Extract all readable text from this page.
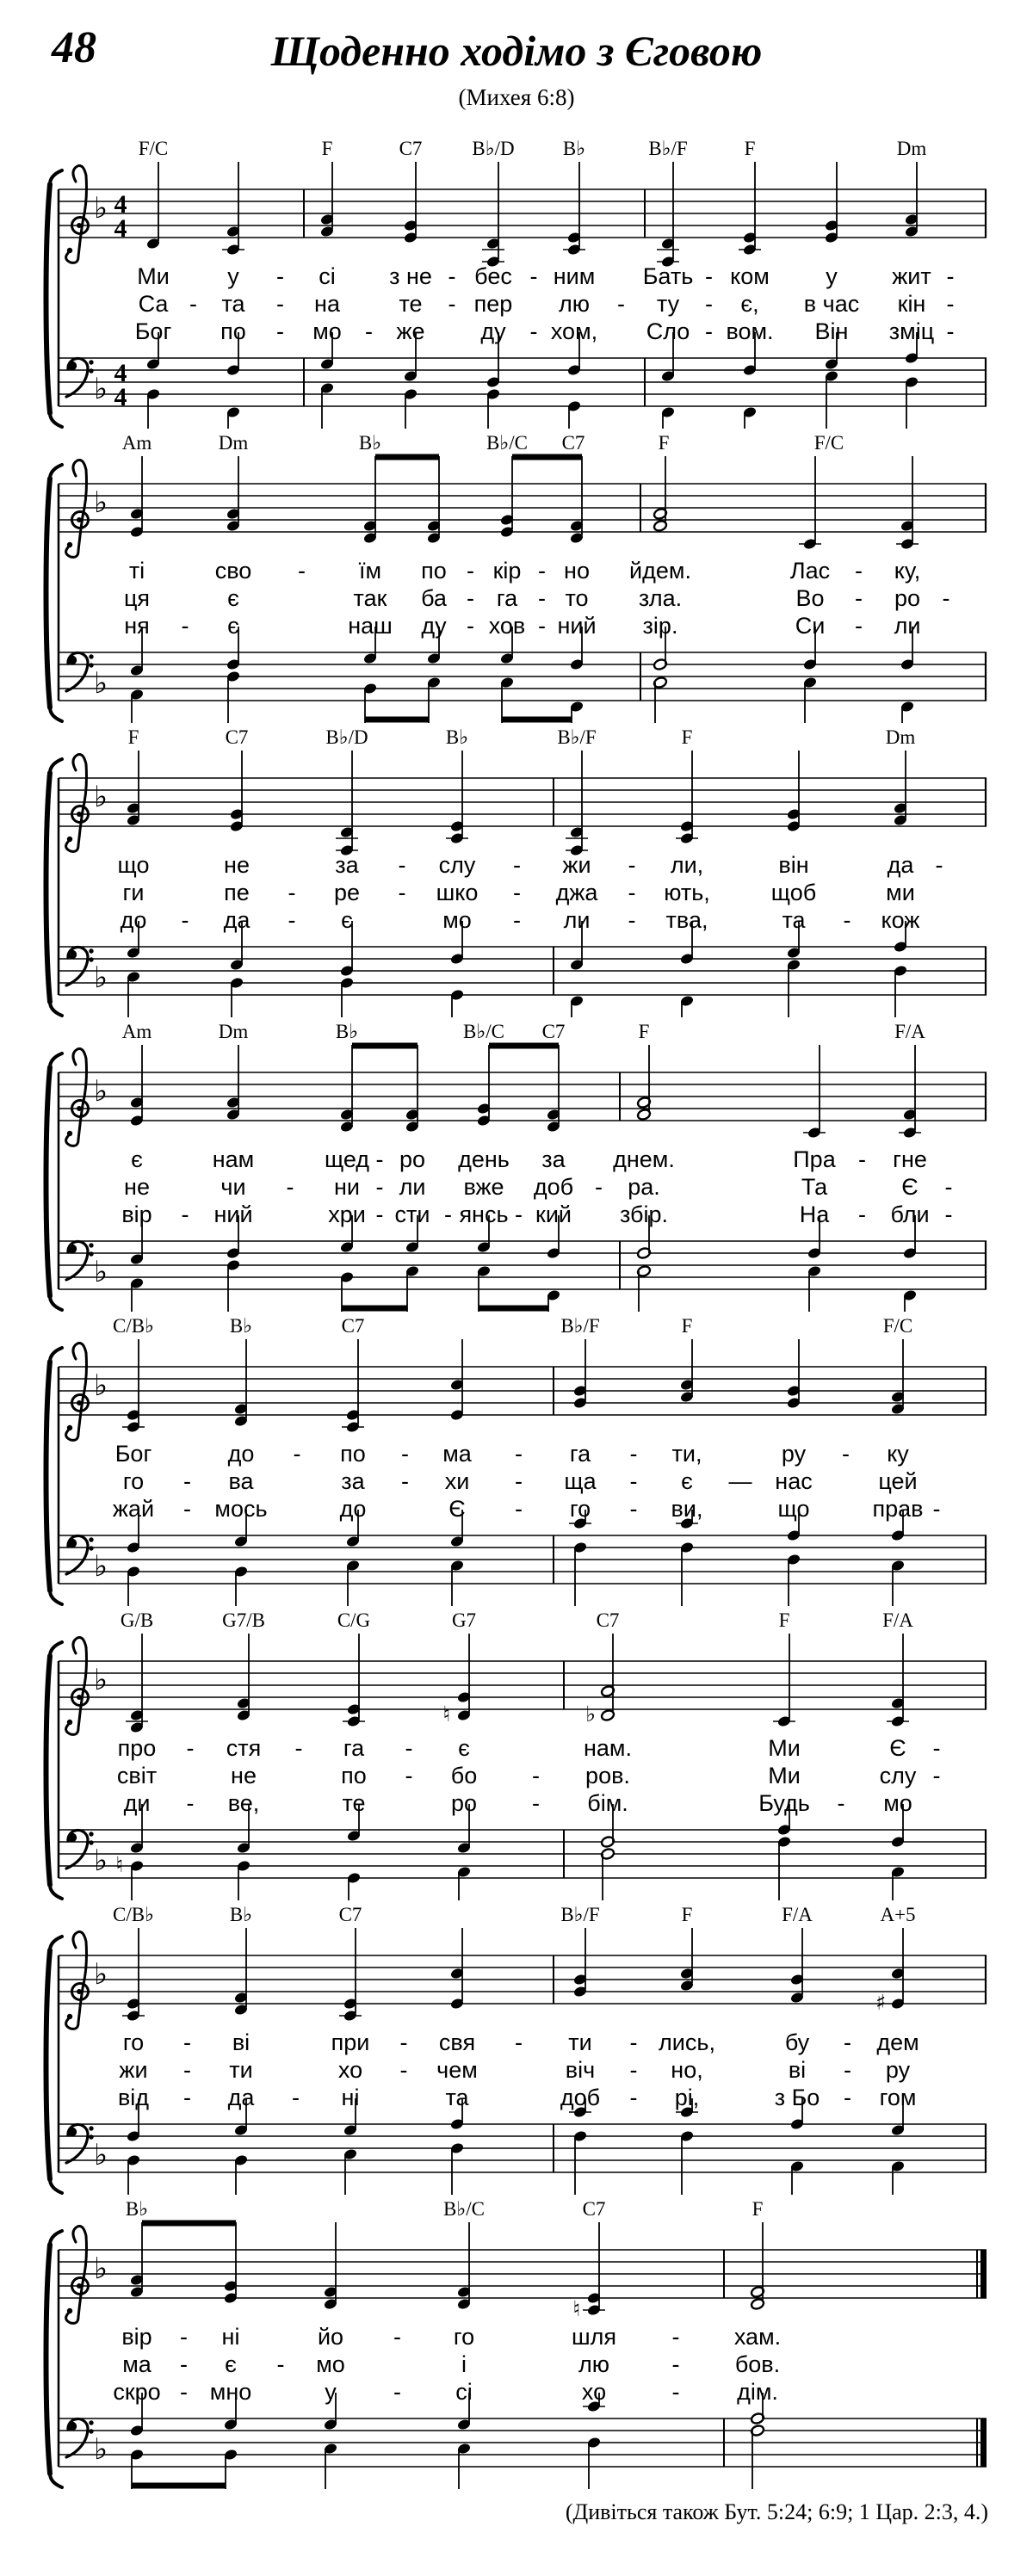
48	Щоденно ходімо з Єговою
(Михея 6:8)
♭
♭
4
4
4
4
F/C	F	C7	B♭/D B♭	B♭/F	F	Dm
Ми у - сі з не - бес - ним Бать - ком у жит -
Са - та - на	те - пер лю - ту - є, в час кін -
Бог по - мо - же ду - хом, Сло - вом. Він зміц -
♭
♭
Am	Dm	B♭	B♭/C C7	F	F/C
ті	сво - їм по - кір - но йдем.	Лас - ку,
ця	є	так ба - га - то зла.	Во - ро -
ня - є	наш ду - хов - ний зір.	Си - ли
♭
♭
F	C7	B♭/D	B♭	B♭/F	F	Dm
що	не	за - слу - жи - ли,	він	да -
ги	пе - ре - шко - джа - ють,	щоб	ми
до - да - є	мо - ли - тва,	та - кож
♭
♭
Am	Dm	B♭	B♭/C C7	F	F/A
є	нам	щед - ро день за днем.	Пра - гне
не	чи - ни - ли вже доб - ра.	Та	Є -
вір - ний	хри - сти - янсь - кий збір.	На - бли -
♭
♭
C/B♭	B♭	C7	B♭/F	F	F/C
Бог	до - по - ма - га - ти,	ру - ку
го - ва	за - хи - ща - є — нас	цей
жай - мось	до	Є - го - ви,	що	прав -
♭
♭
G/B	G7/B	C/G	G7	C7	F	F/A
♮	♭
♮
про - стя - га - є	нам.	Ми	Є -
світ	не	по - бо - ров.	Ми	слу -
ди - ве,	те	ро - бім.	Будь - мо
♭
♭
C/B♭	B♭	C7	B♭/F	F	F/A	A+5
♯
го - ві	при - свя - ти - лись,	бу - дем
жи - ти	хо - чем	віч - но,	ві - ру
від - да - ні	та	доб - рі,	з Бо - гом
♭
♭
B♭	B♭/C	C7	F
♮
вір - ні	йо - го	шля - хам.
ма - є - мо	і	лю	- бов.
скро - мно	у - сі	хо	- дім.
(Дивіться також Бут. 5:24; 6:9; 1 Цар. 2:3, 4.)
